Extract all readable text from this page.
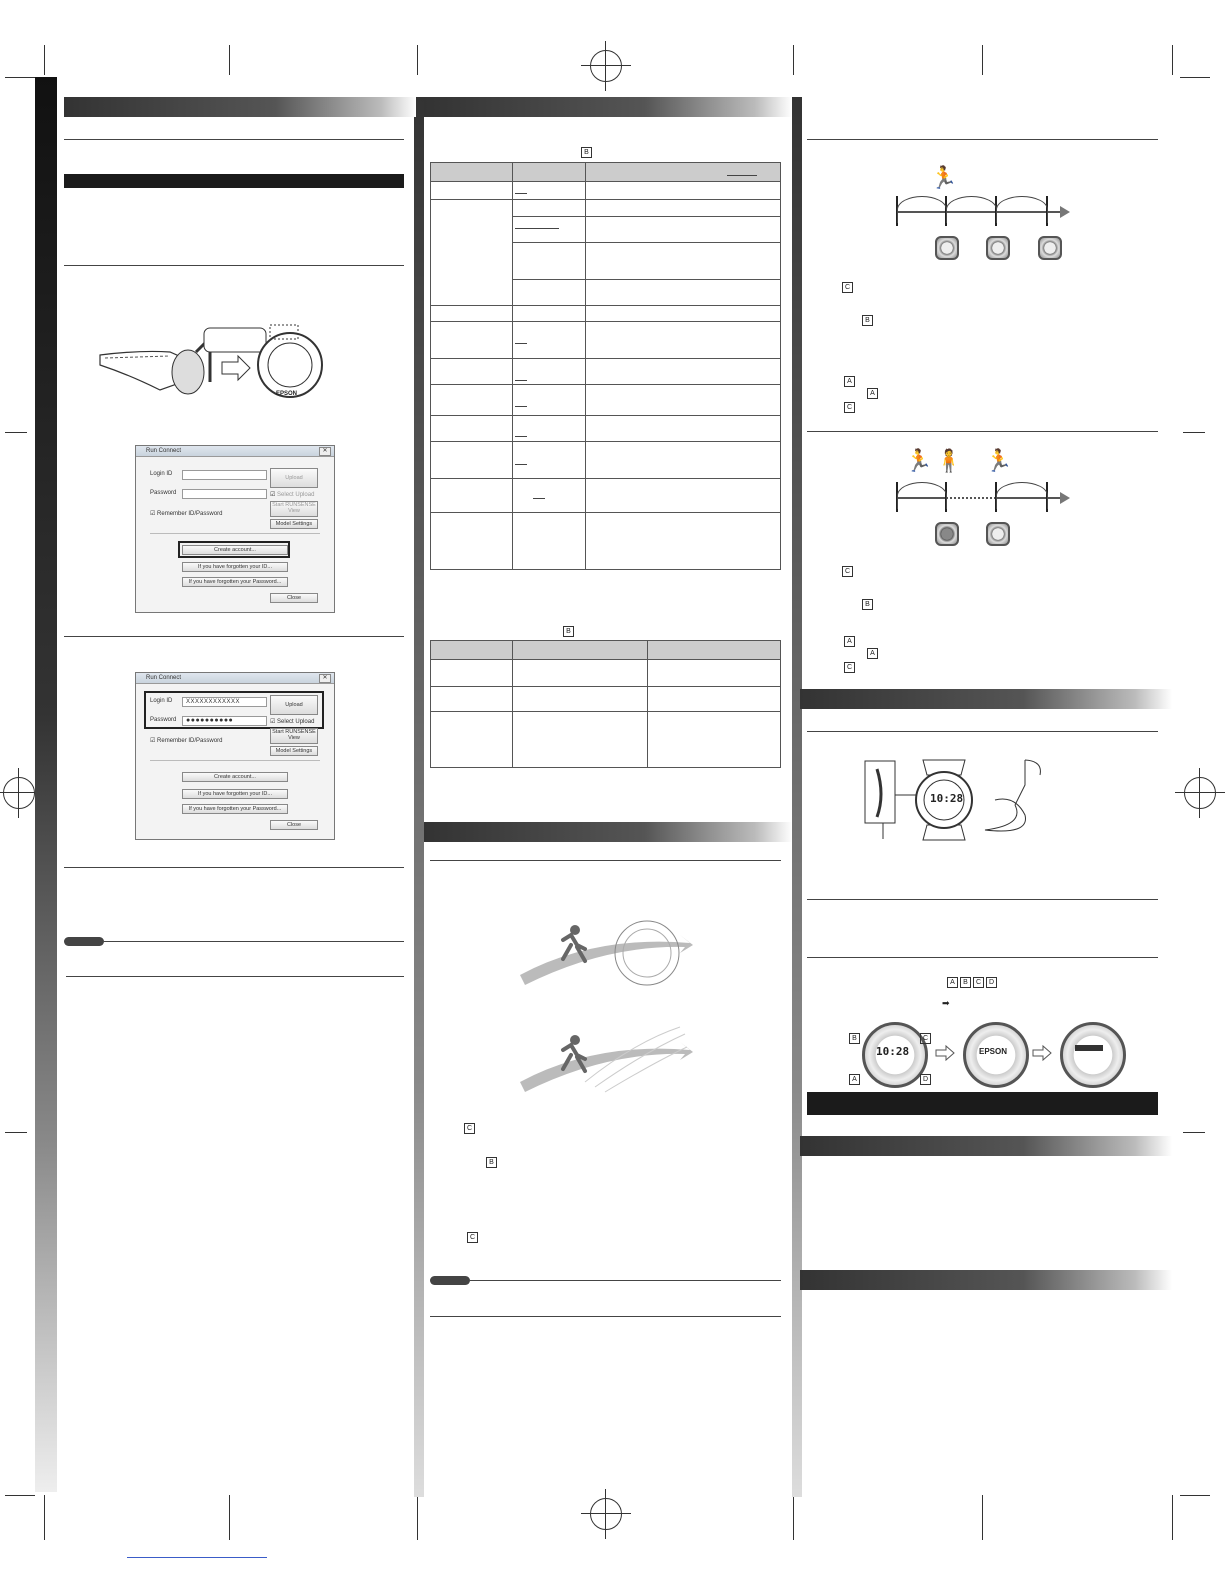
EPSON
Run Connect	✕
Login ID
Password
Upload
☑ Select Upload
Start RUNSENSE View
☑ Remember ID/Password
Model Settings
Create account...
If you have forgotten your ID...
If you have forgotten your Password...
Close
Run Connect	✕
Login ID	XXXXXXXXXXXX
Password	●●●●●●●●●●
Upload
☑ Select Upload
Start RUNSENSE View
☑ Remember ID/Password
Model Settings
Create account...
If you have forgotten your ID...
If you have forgotten your Password...
Close
B

B

C
B
C
🏃
C
B
A
A
C
🏃 🧍 🏃
C
B
A
A
C
10:28
A	B	C	D
➡
10:28
B	C
A	D
EPSON
